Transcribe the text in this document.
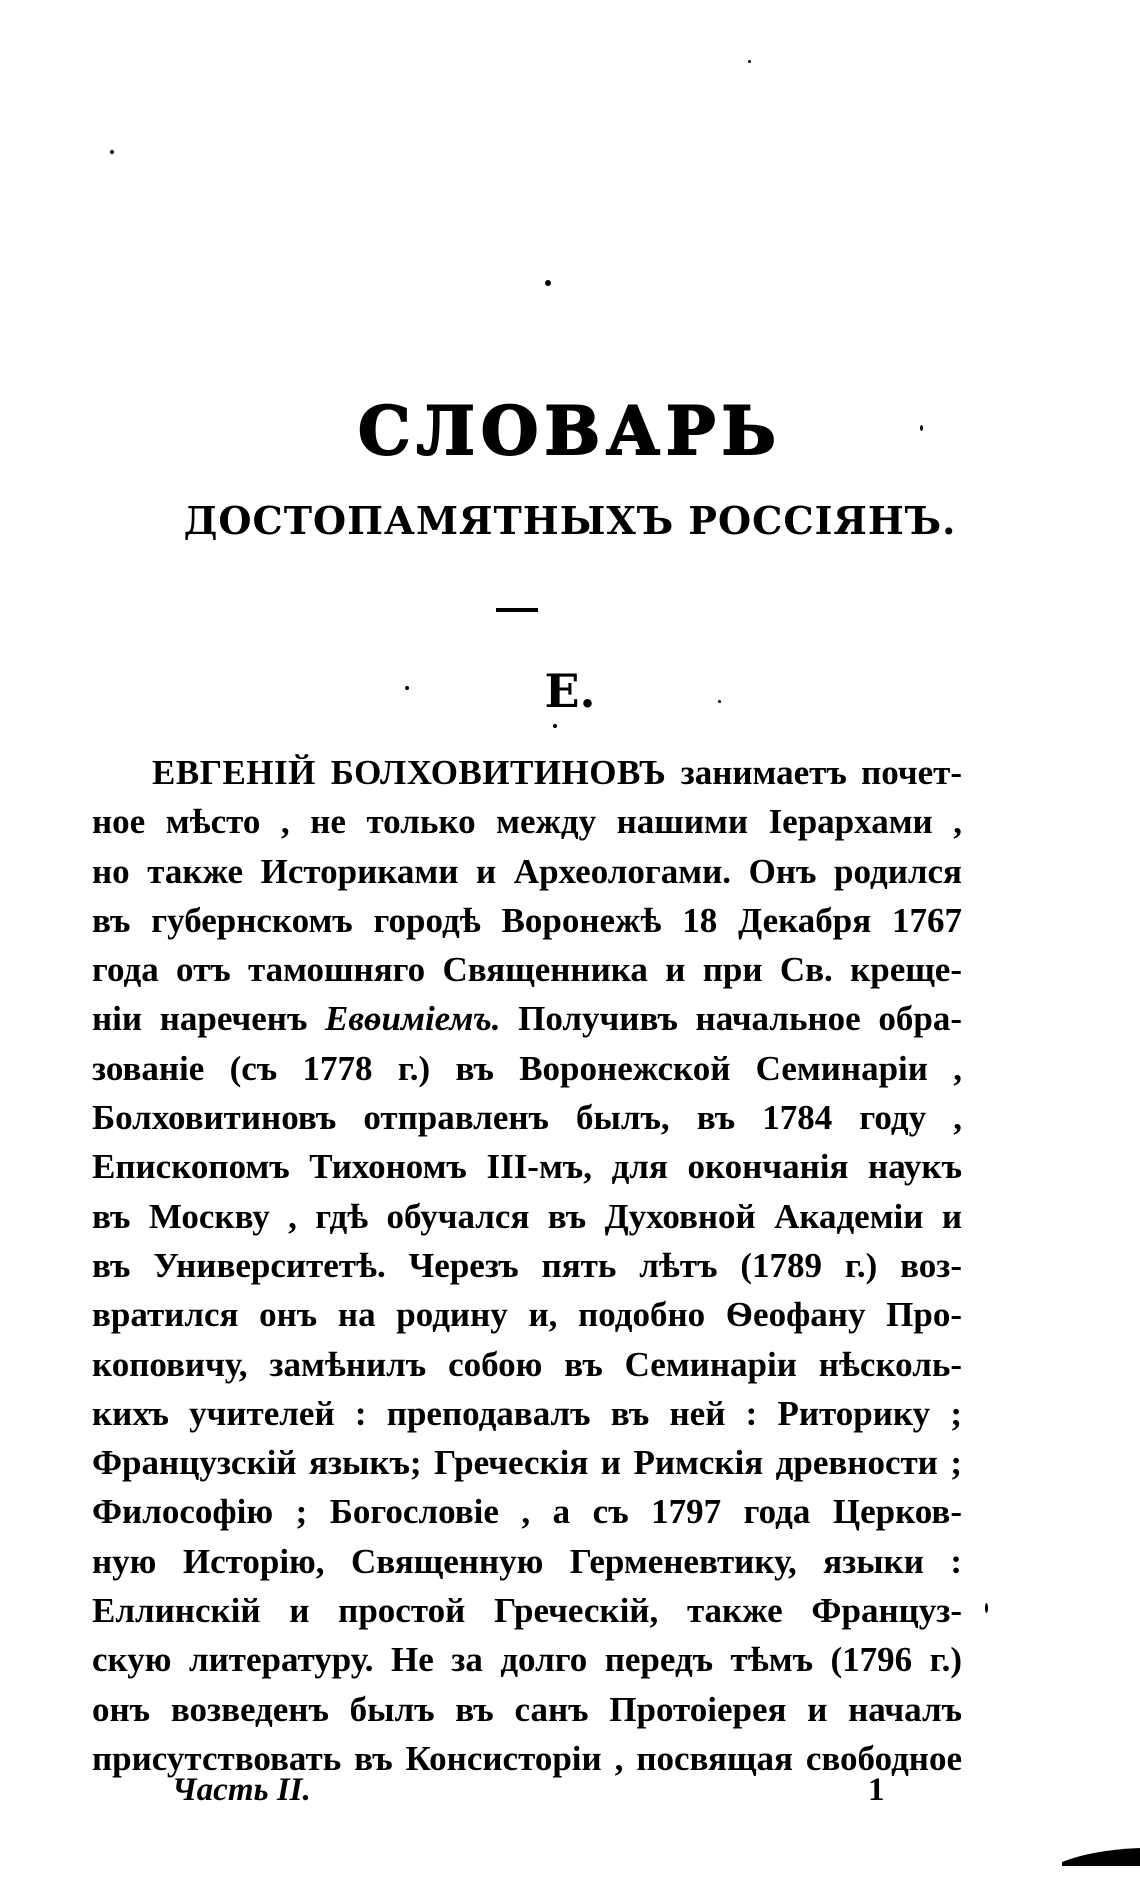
СЛОВАРЬ
ДОСТОПАМЯТНЫХЪ РОССІЯНЪ.
Е.
ЕВГЕНІЙ БОЛХОВИТИНОВЪ занимаетъ почет-
ное мѣсто , не только между нашими Іерархами ,
но также Историками и Археологами. Онъ родился
въ губернскомъ городѣ Воронежѣ 18 Декабря 1767
года отъ тамошняго Священника и при Св. крещe-
ніи нареченъ Евѳиміемъ. Получивъ начальное обра-
зованіе (съ 1778 г.) въ Воронежской Семинаріи ,
Болховитиновъ отправленъ былъ, въ 1784 году ,
Епископомъ Тихономъ III-мъ, для окончанія наукъ
въ Москву , гдѣ обучался въ Духовной Академіи и
въ Университетѣ. Черезъ пять лѣтъ (1789 г.) воз-
вратился онъ на родину и, подобно Ѳеофану Про-
коповичу, замѣнилъ собою въ Семинаріи нѣсколь-
кихъ учителей : преподавалъ въ ней : Риторику ;
Французскій языкъ; Греческія и Римскія древности ;
Философію ; Богословіе , а съ 1797 года Церков-
ную Исторію, Священную Герменевтику, языки :
Еллинскій и простой Греческій, также Француз-
скую литературу. Не за долго передъ тѣмъ (1796 г.)
онъ возведенъ былъ въ санъ Протоіерея и началъ
присутствовать въ Консисторіи , посвящая свободное
Часть II.	1
